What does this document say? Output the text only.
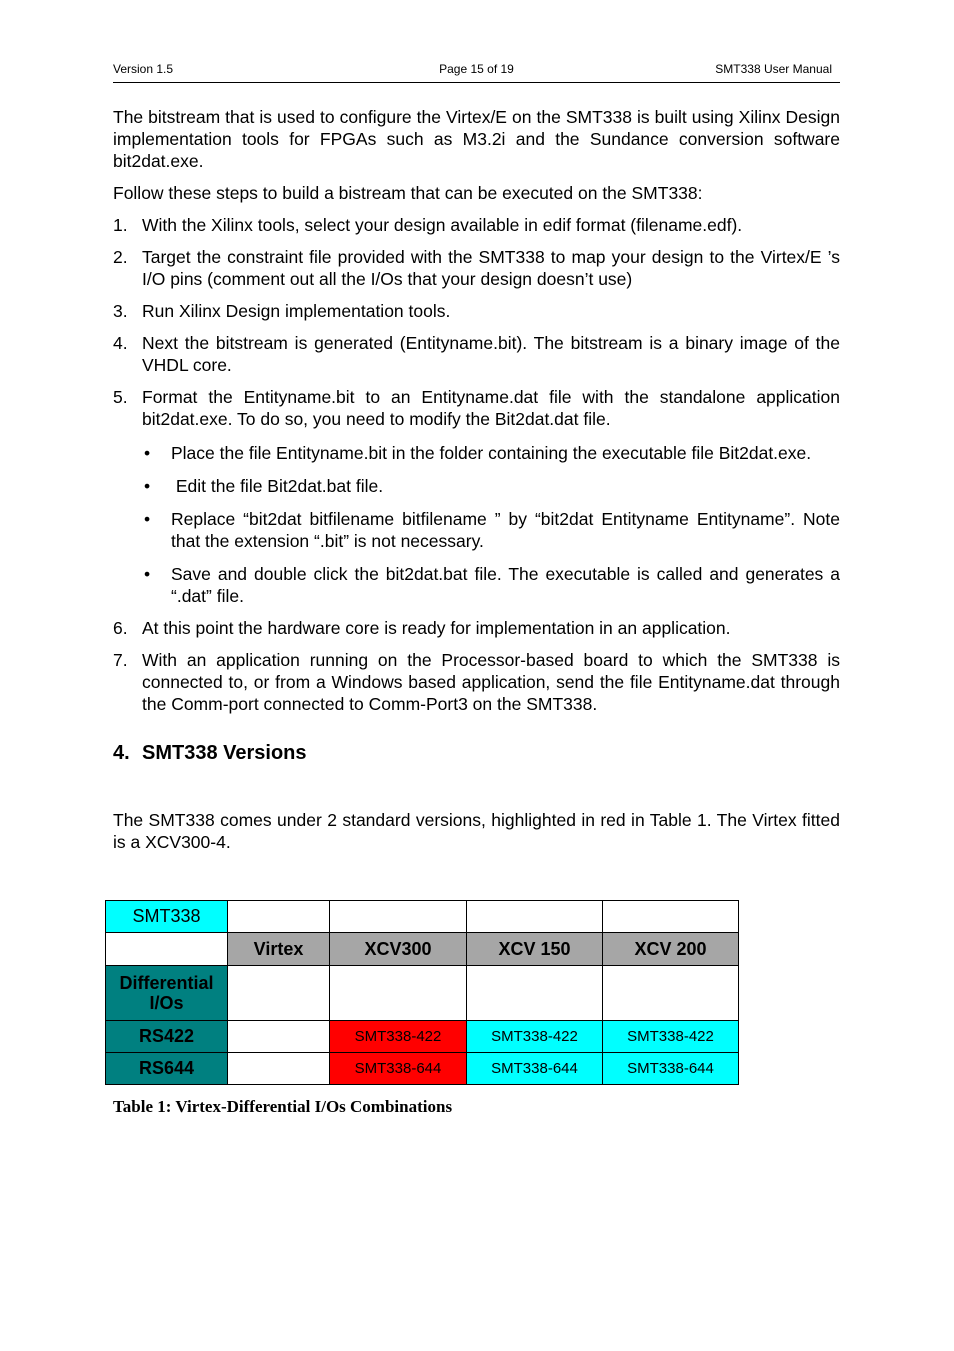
Version 1.5	Page 15 of 19	SMT338 User Manual

The bitstream that is used to configure the Virtex/E on the SMT338 is built using Xilinx Design implementation tools for FPGAs such as M3.2i and the Sundance conversion software bit2dat.exe.

Follow these steps to build a bistream that can be executed on the SMT338:

1. With the Xilinx tools, select your design available in edif format (filename.edf).
2. Target the constraint file provided with the SMT338 to map your design to the Virtex/E ’s I/O pins (comment out all the I/Os that your design doesn’t use)
3. Run Xilinx Design implementation tools.
4. Next the bitstream is generated (Entityname.bit). The bitstream is a binary image of the VHDL core.
5. Format the Entityname.bit to an Entityname.dat file with the standalone application bit2dat.exe. To do so, you need to modify the Bit2dat.dat file.
• Place the file Entityname.bit in the folder containing the executable file Bit2dat.exe.
• Edit the file Bit2dat.bat file.
• Replace “bit2dat bitfilename bitfilename ” by “bit2dat Entityname Entityname”. Note that the extension “.bit” is not necessary.
• Save and double click the bit2dat.bat file. The executable is called and generates a “.dat” file.
6. At this point the hardware core is ready for implementation in an application.
7. With an application running on the Processor-based board to which the SMT338 is connected to, or from a Windows based application, send the file Entityname.dat through the Comm-port connected to Comm-Port3 on the SMT338.
4. SMT338 Versions

The SMT338 comes under 2 standard versions, highlighted in red in Table 1. The Virtex fitted is a XCV300-4.

SMT338				
	Virtex	XCV300	XCV 150	XCV 200
Differential I/Os				
RS422		SMT338-422	SMT338-422	SMT338-422
RS644		SMT338-644	SMT338-644	SMT338-644
Table 1: Virtex-Differential I/Os Combinations
